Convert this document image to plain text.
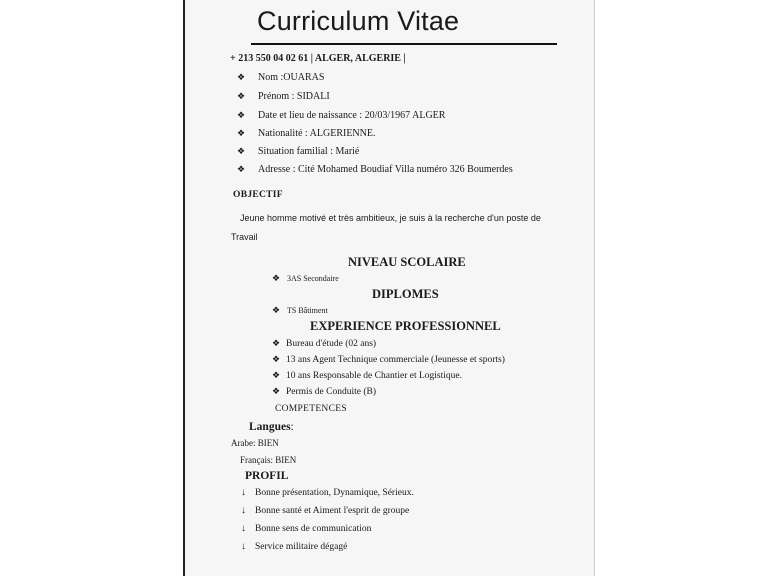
Curriculum Vitae
+ 213 550 04 02 61 | ALGER, ALGERIE |
❖ Nom :OUARAS
❖ Prénom : SIDALI
❖ Date et lieu de naissance : 20/03/1967 ALGER
❖ Nationalité : ALGERIENNE.
❖ Situation familial : Marié
❖ Adresse : Cité Mohamed Boudiaf Villa numéro 326 Boumerdes
OBJECTIF
Jeune homme motivé et très ambitieux, je suis à la recherche d'un poste de
Travail
NIVEAU SCOLAIRE
❖ 3AS Secondaire
DIPLOMES
❖ TS Bâtiment
EXPERIENCE PROFESSIONNEL
❖ Bureau d'étude (02 ans)
❖ 13 ans Agent Technique commerciale (Jeunesse et sports)
❖ 10 ans Responsable de Chantier et Logistique.
❖ Permis de Conduite (B)
COMPETENCES
Langues:
Arabe: BIEN
Français: BIEN
PROFIL
↓ Bonne présentation, Dynamique, Sérieux.
↓ Bonne santé et Aiment l'esprit de groupe
↓ Bonne sens de communication
↓ Service militaire dégagé
